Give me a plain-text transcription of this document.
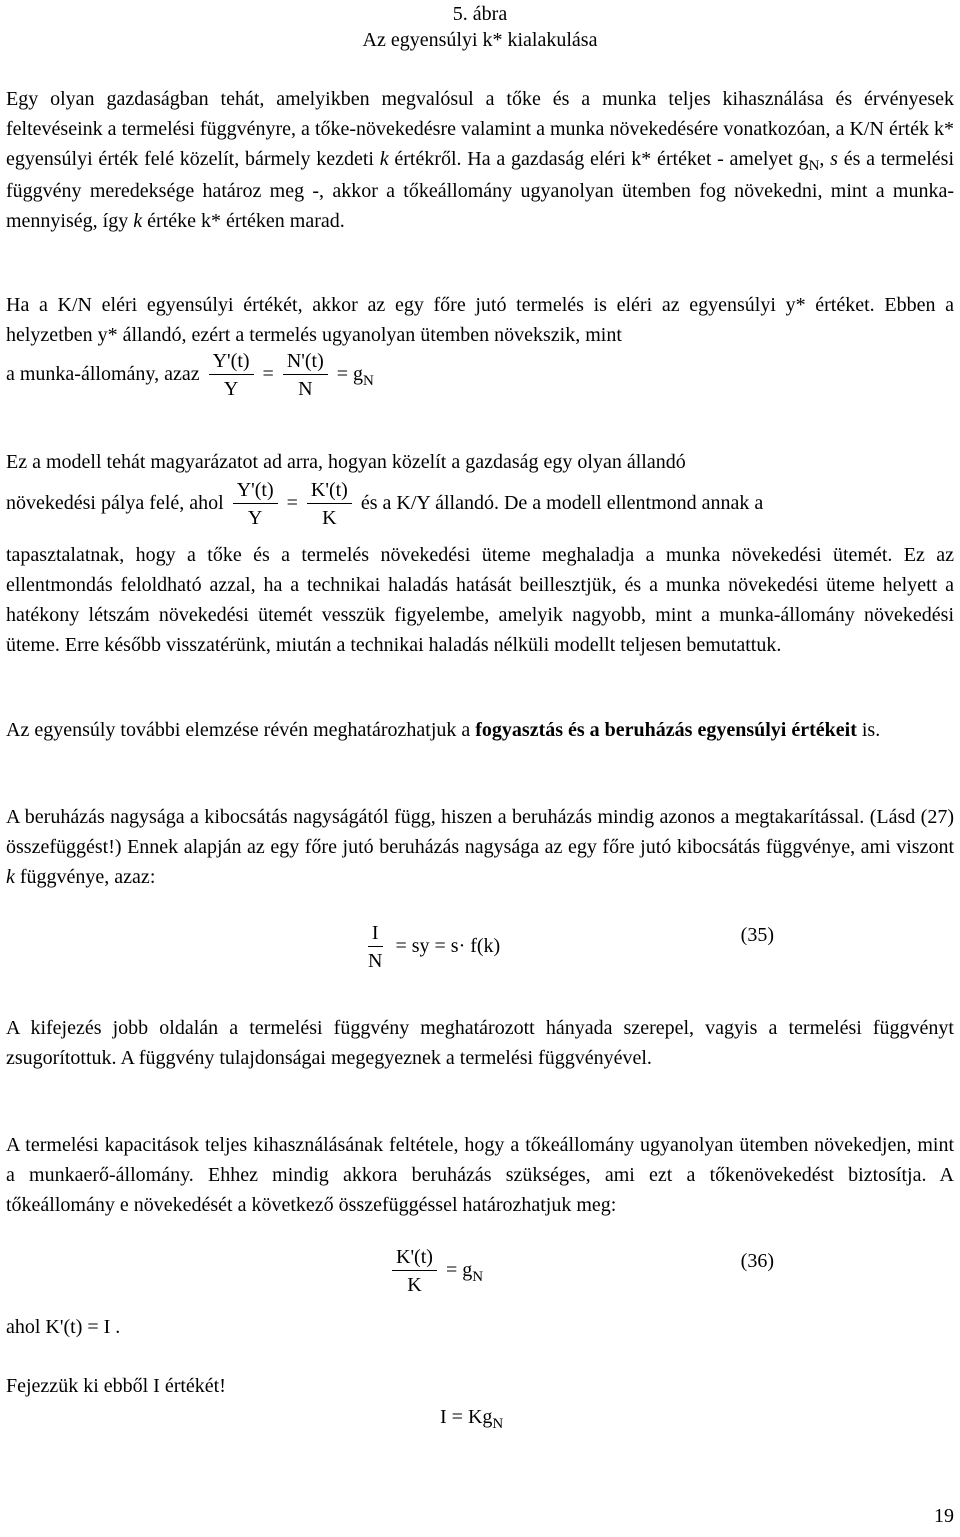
5. ábra
Az egyensúlyi k* kialakulása

Egy olyan gazdaságban tehát, amelyikben megvalósul a tőke és a munka teljes kihasználása és érvényesek feltevéseink a termelési függvényre, a tőke-növekedésre valamint a munka növekedésére vonatkozóan, a K/N érték k* egyensúlyi érték felé közelít, bármely kezdeti k értékről. Ha a gazdaság eléri k* értéket - amelyet $g_N$, s és a termelési függvény meredeksége határoz meg -, akkor a tőkeállomány ugyanolyan ütemben fog növekedni, mint a munka-mennyiség, így k értéke k* értéken marad.

Ha a K/N eléri egyensúlyi értékét, akkor az egy főre jutó termelés is eléri az egyensúlyi y* értéket. Ebben a helyzetben y* állandó, ezért a termelés ugyanolyan ütemben növekszik, mint

a munka-állomány, azaz $\frac{Y'(t)}{Y} = \frac{N'(t)}{N} = g_N$

Ez a modell tehát magyarázatot ad arra, hogyan közelít a gazdaság egy olyan állandó

növekedési pálya felé, ahol $\frac{Y'(t)}{Y} = \frac{K'(t)}{K}$ és a K/Y állandó. De a modell ellentmond annak a

tapasztalatnak, hogy a tőke és a termelés növekedési üteme meghaladja a munka növekedési ütemét. Ez az ellentmondás feloldható azzal, ha a technikai haladás hatását beillesztjük, és a munka növekedési üteme helyett a hatékony létszám növekedési ütemét vesszük figyelembe, amelyik nagyobb, mint a munka-állomány növekedési üteme. Erre később visszatérünk, miután a technikai haladás nélküli modellt teljesen bemutattuk.

Az egyensúly további elemzése révén meghatározhatjuk a fogyasztás és a beruházás egyensúlyi értékeit is.

A beruházás nagysága a kibocsátás nagyságától függ, hiszen a beruházás mindig azonos a megtakarítással. (Lásd (27) összefüggést!) Ennek alapján az egy főre jutó beruházás nagysága az egy főre jutó kibocsátás függvénye, ami viszont k függvénye, azaz:

$\frac{I}{N}$ = sy = s· f(k)
(35)

A kifejezés jobb oldalán a termelési függvény meghatározott hányada szerepel, vagyis a termelési függvényt zsugorítottuk. A függvény tulajdonságai megegyeznek a termelési függvényével.

A termelési kapacitások teljes kihasználásának feltétele, hogy a tőkeállomány ugyanolyan ütemben növekedjen, mint a munkaerő-állomány. Ehhez mindig akkora beruházás szükséges, ami ezt a tőkenövekedést biztosítja. A tőkeállomány e növekedését a következő összefüggéssel határozhatjuk meg:

$\frac{K'(t)}{K} = g_N$
(36)
ahol K'(t) = I .
Fejezzük ki ebből I értékét!
$I = Kg_N$
19
